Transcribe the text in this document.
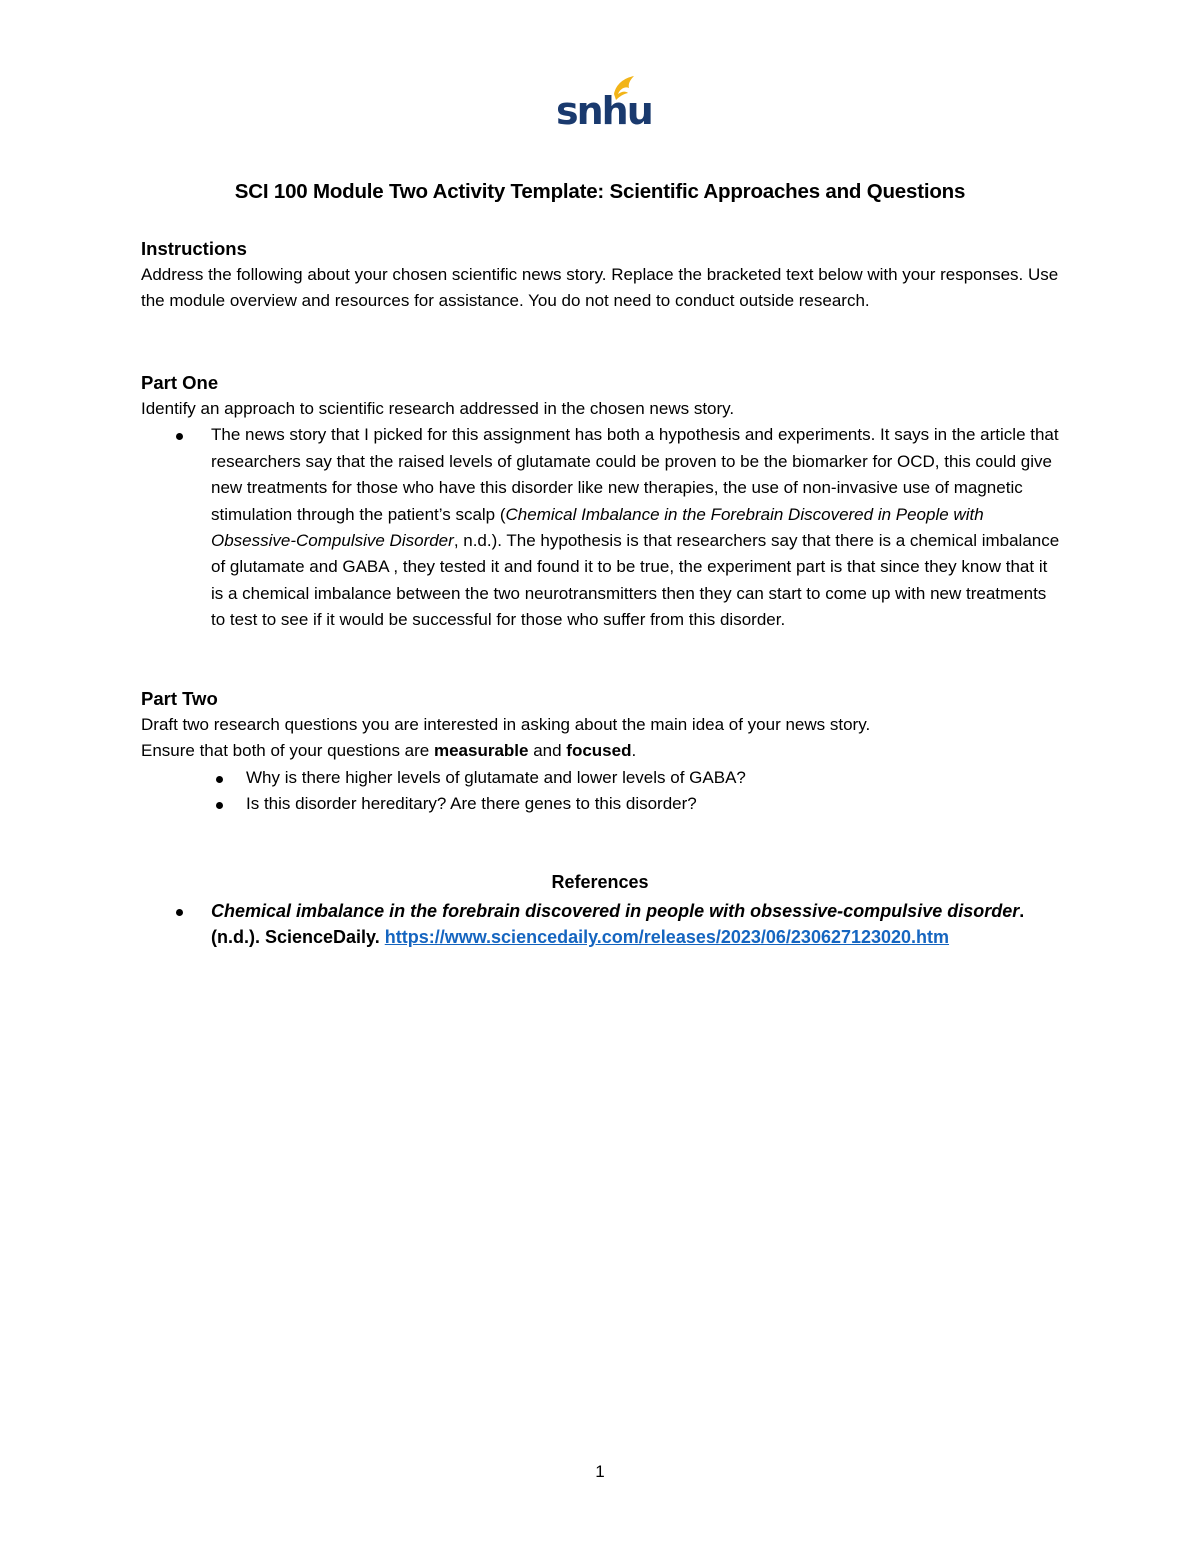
snhu
SCI 100 Module Two Activity Template: Scientific Approaches and Questions
Instructions

Address the following about your chosen scientific news story. Replace the bracketed text below with your responses. Use the module overview and resources for assistance. You do not need to conduct outside research.

Part One

Identify an approach to scientific research addressed in the chosen news story.

The news story that I picked for this assignment has both a hypothesis and experiments. It says in the article that researchers say that the raised levels of glutamate could be proven to be the biomarker for OCD, this could give new treatments for those who have this disorder like new therapies, the use of non-invasive use of magnetic stimulation through the patient’s scalp (Chemical Imbalance in the Forebrain Discovered in People with Obsessive-Compulsive Disorder, n.d.). The hypothesis is that researchers say that there is a chemical imbalance of glutamate and GABA , they tested it and found it to be true, the experiment part is that since they know that it is a chemical imbalance between the two neurotransmitters then they can start to come up with new treatments to test to see if it would be successful for those who suffer from this disorder.
Part Two

Draft two research questions you are interested in asking about the main idea of your news story.

Ensure that both of your questions are measurable and focused.

Why is there higher levels of glutamate and lower levels of GABA?
Is this disorder hereditary? Are there genes to this disorder?
References
Chemical imbalance in the forebrain discovered in people with obsessive-compulsive disorder. (n.d.). ScienceDaily. https://www.sciencedaily.com/releases/2023/06/230627123020.htm
1
